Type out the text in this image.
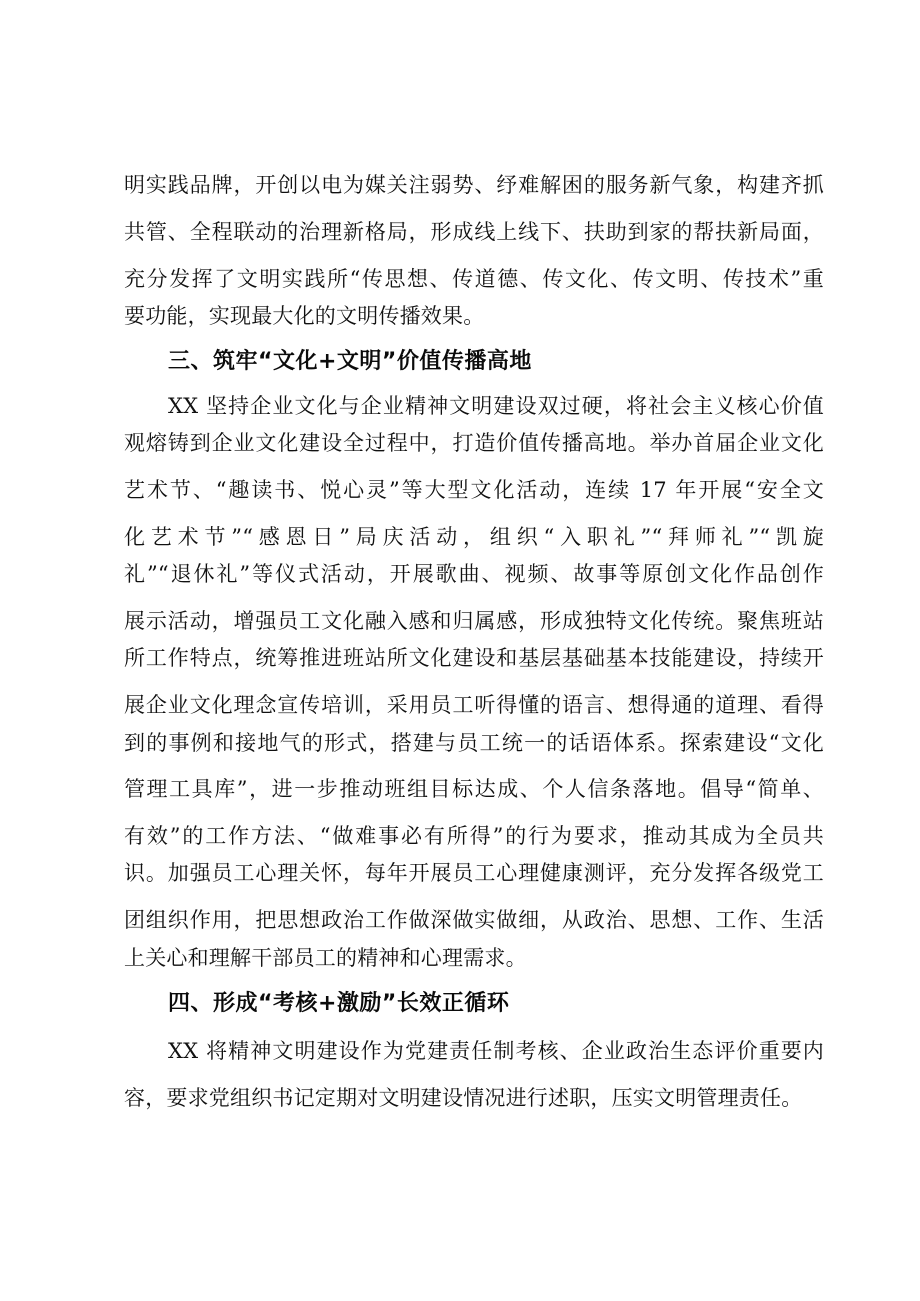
明实践品牌，开创以电为媒关注弱势、纾难解困的服务新气象，构建齐抓
共管、全程联动的治理新格局，形成线上线下、扶助到家的帮扶新局面，
充分发挥了文明实践所“传思想、传道德、传文化、传文明、传技术”重
要功能，实现最大化的文明传播效果。
三、筑牢“文化+文明”价值传播高地
XX 坚持企业文化与企业精神文明建设双过硬，将社会主义核心价值
观熔铸到企业文化建设全过程中，打造价值传播高地。举办首届企业文化
艺术节、“趣读书、悦心灵”等大型文化活动，连续 17 年开展“安全文
化艺术节”“感恩日”局庆活动，组织“入职礼”“拜师礼”“凯旋
礼”“退休礼”等仪式活动，开展歌曲、视频、故事等原创文化作品创作
展示活动，增强员工文化融入感和归属感，形成独特文化传统。聚焦班站
所工作特点，统筹推进班站所文化建设和基层基础基本技能建设，持续开
展企业文化理念宣传培训，采用员工听得懂的语言、想得通的道理、看得
到的事例和接地气的形式，搭建与员工统一的话语体系。探索建设“文化
管理工具库”，进一步推动班组目标达成、个人信条落地。倡导“简单、
有效”的工作方法、“做难事必有所得”的行为要求，推动其成为全员共
识。加强员工心理关怀，每年开展员工心理健康测评，充分发挥各级党工
团组织作用，把思想政治工作做深做实做细，从政治、思想、工作、生活
上关心和理解干部员工的精神和心理需求。
四、形成“考核+激励”长效正循环
XX 将精神文明建设作为党建责任制考核、企业政治生态评价重要内
容，要求党组织书记定期对文明建设情况进行述职，压实文明管理责任。
